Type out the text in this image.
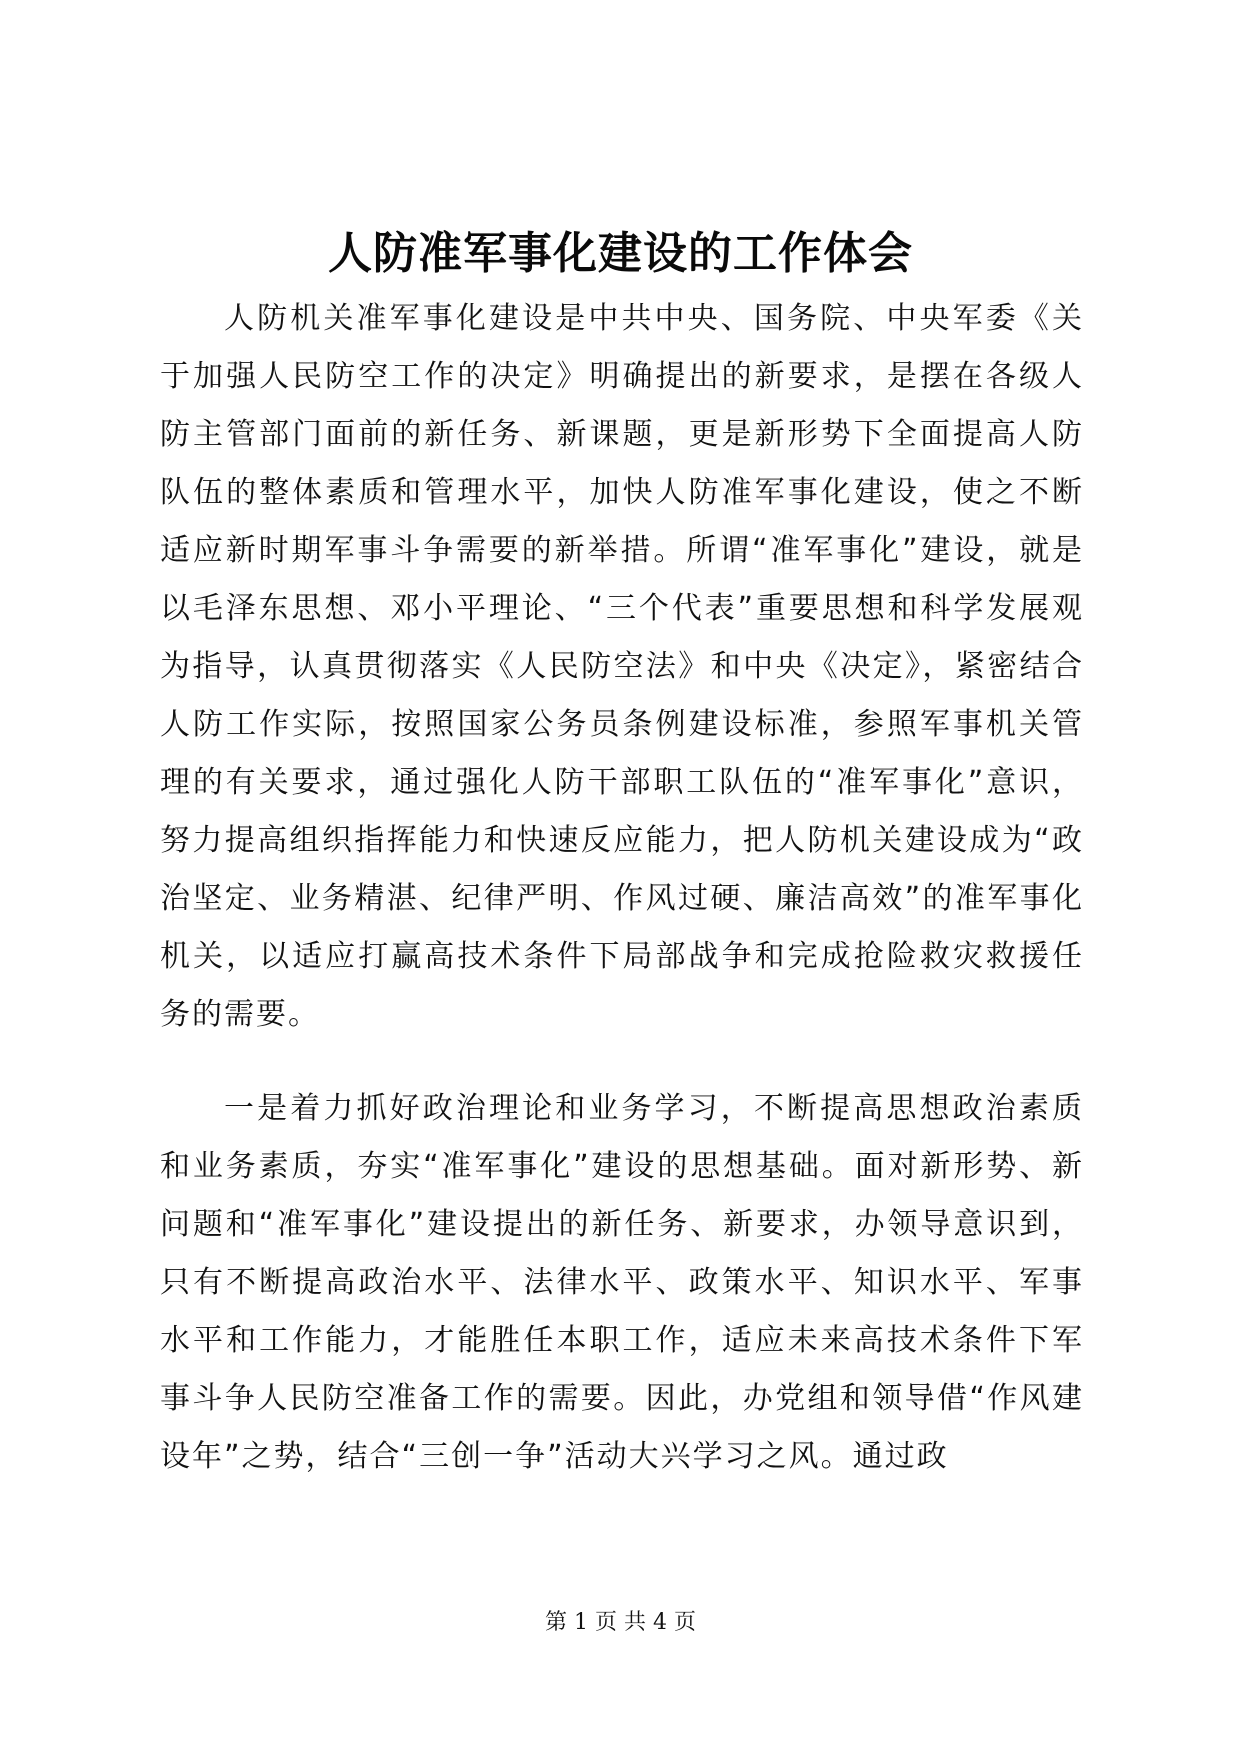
人防准军事化建设的工作体会

人防机关准军事化建设是中共中央、国务院、中央军委《关于加强人民防空工作的决定》明确提出的新要求，是摆在各级人防主管部门面前的新任务、新课题，更是新形势下全面提高人防队伍的整体素质和管理水平，加快人防准军事化建设，使之不断适应新时期军事斗争需要的新举措。所谓“准军事化”建设，就是以毛泽东思想、邓小平理论、“三个代表”重要思想和科学发展观为指导，认真贯彻落实《人民防空法》和中央《决定》，紧密结合人防工作实际，按照国家公务员条例建设标准，参照军事机关管理的有关要求，通过强化人防干部职工队伍的“准军事化”意识，努力提高组织指挥能力和快速反应能力，把人防机关建设成为“政治坚定、业务精湛、纪律严明、作风过硬、廉洁高效”的准军事化机关，以适应打赢高技术条件下局部战争和完成抢险救灾救援任务的需要。

一是着力抓好政治理论和业务学习，不断提高思想政治素质和业务素质，夯实“准军事化”建设的思想基础。面对新形势、新问题和“准军事化”建设提出的新任务、新要求，办领导意识到，只有不断提高政治水平、法律水平、政策水平、知识水平、军事水平和工作能力，才能胜任本职工作，适应未来高技术条件下军事斗争人民防空准备工作的需要。因此，办党组和领导借“作风建设年”之势，结合“三创一争”活动大兴学习之风。通过政

第 1 页 共 4 页
